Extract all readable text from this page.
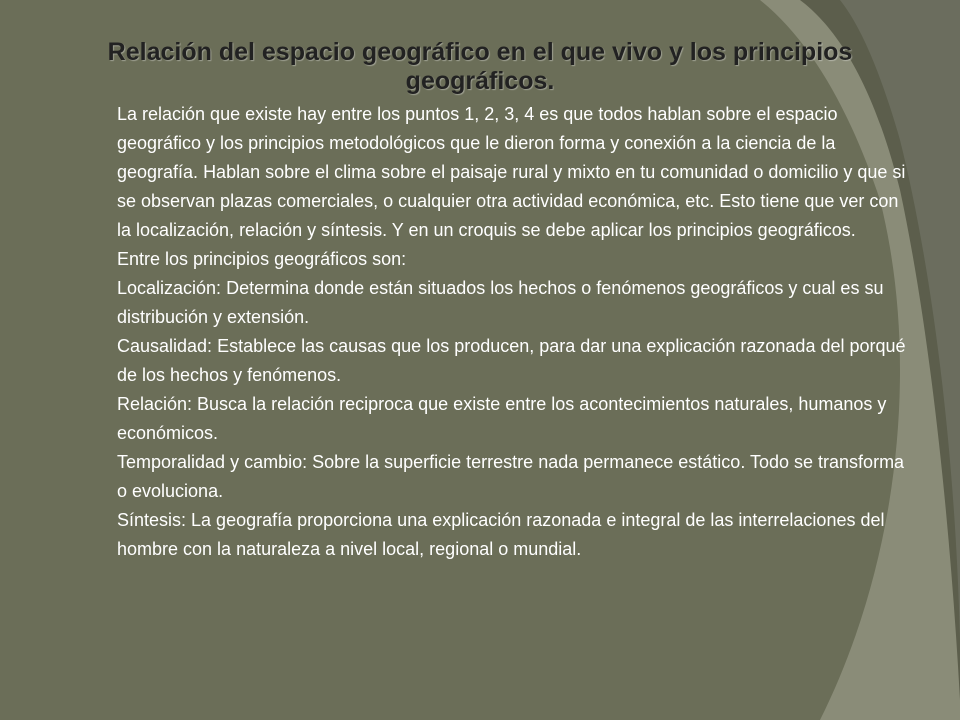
Relación del espacio geográfico en el que vivo y los principios geográficos.

La relación que existe hay entre los puntos 1, 2, 3, 4 es que todos hablan sobre el espacio geográfico y los principios metodológicos que le dieron forma y conexión a la ciencia de la geografía. Hablan sobre el clima sobre el paisaje rural y mixto en tu comunidad o domicilio y que si se observan plazas comerciales, o cualquier otra actividad económica, etc. Esto tiene que ver con la localización, relación y síntesis. Y en un croquis se debe aplicar los principios geográficos.

Entre los principios geográficos son:

Localización: Determina donde están situados los hechos o fenómenos geográficos y cual es su distribución y extensión.

Causalidad: Establece las causas que los producen, para dar una explicación razonada del porqué de los hechos y fenómenos.

Relación: Busca la relación reciproca que existe entre los acontecimientos naturales, humanos y económicos.

Temporalidad y cambio: Sobre la superficie terrestre nada permanece estático. Todo se transforma o evoluciona.

Síntesis: La geografía proporciona una explicación razonada e integral de las interrelaciones del hombre con la naturaleza a nivel local, regional o mundial.
